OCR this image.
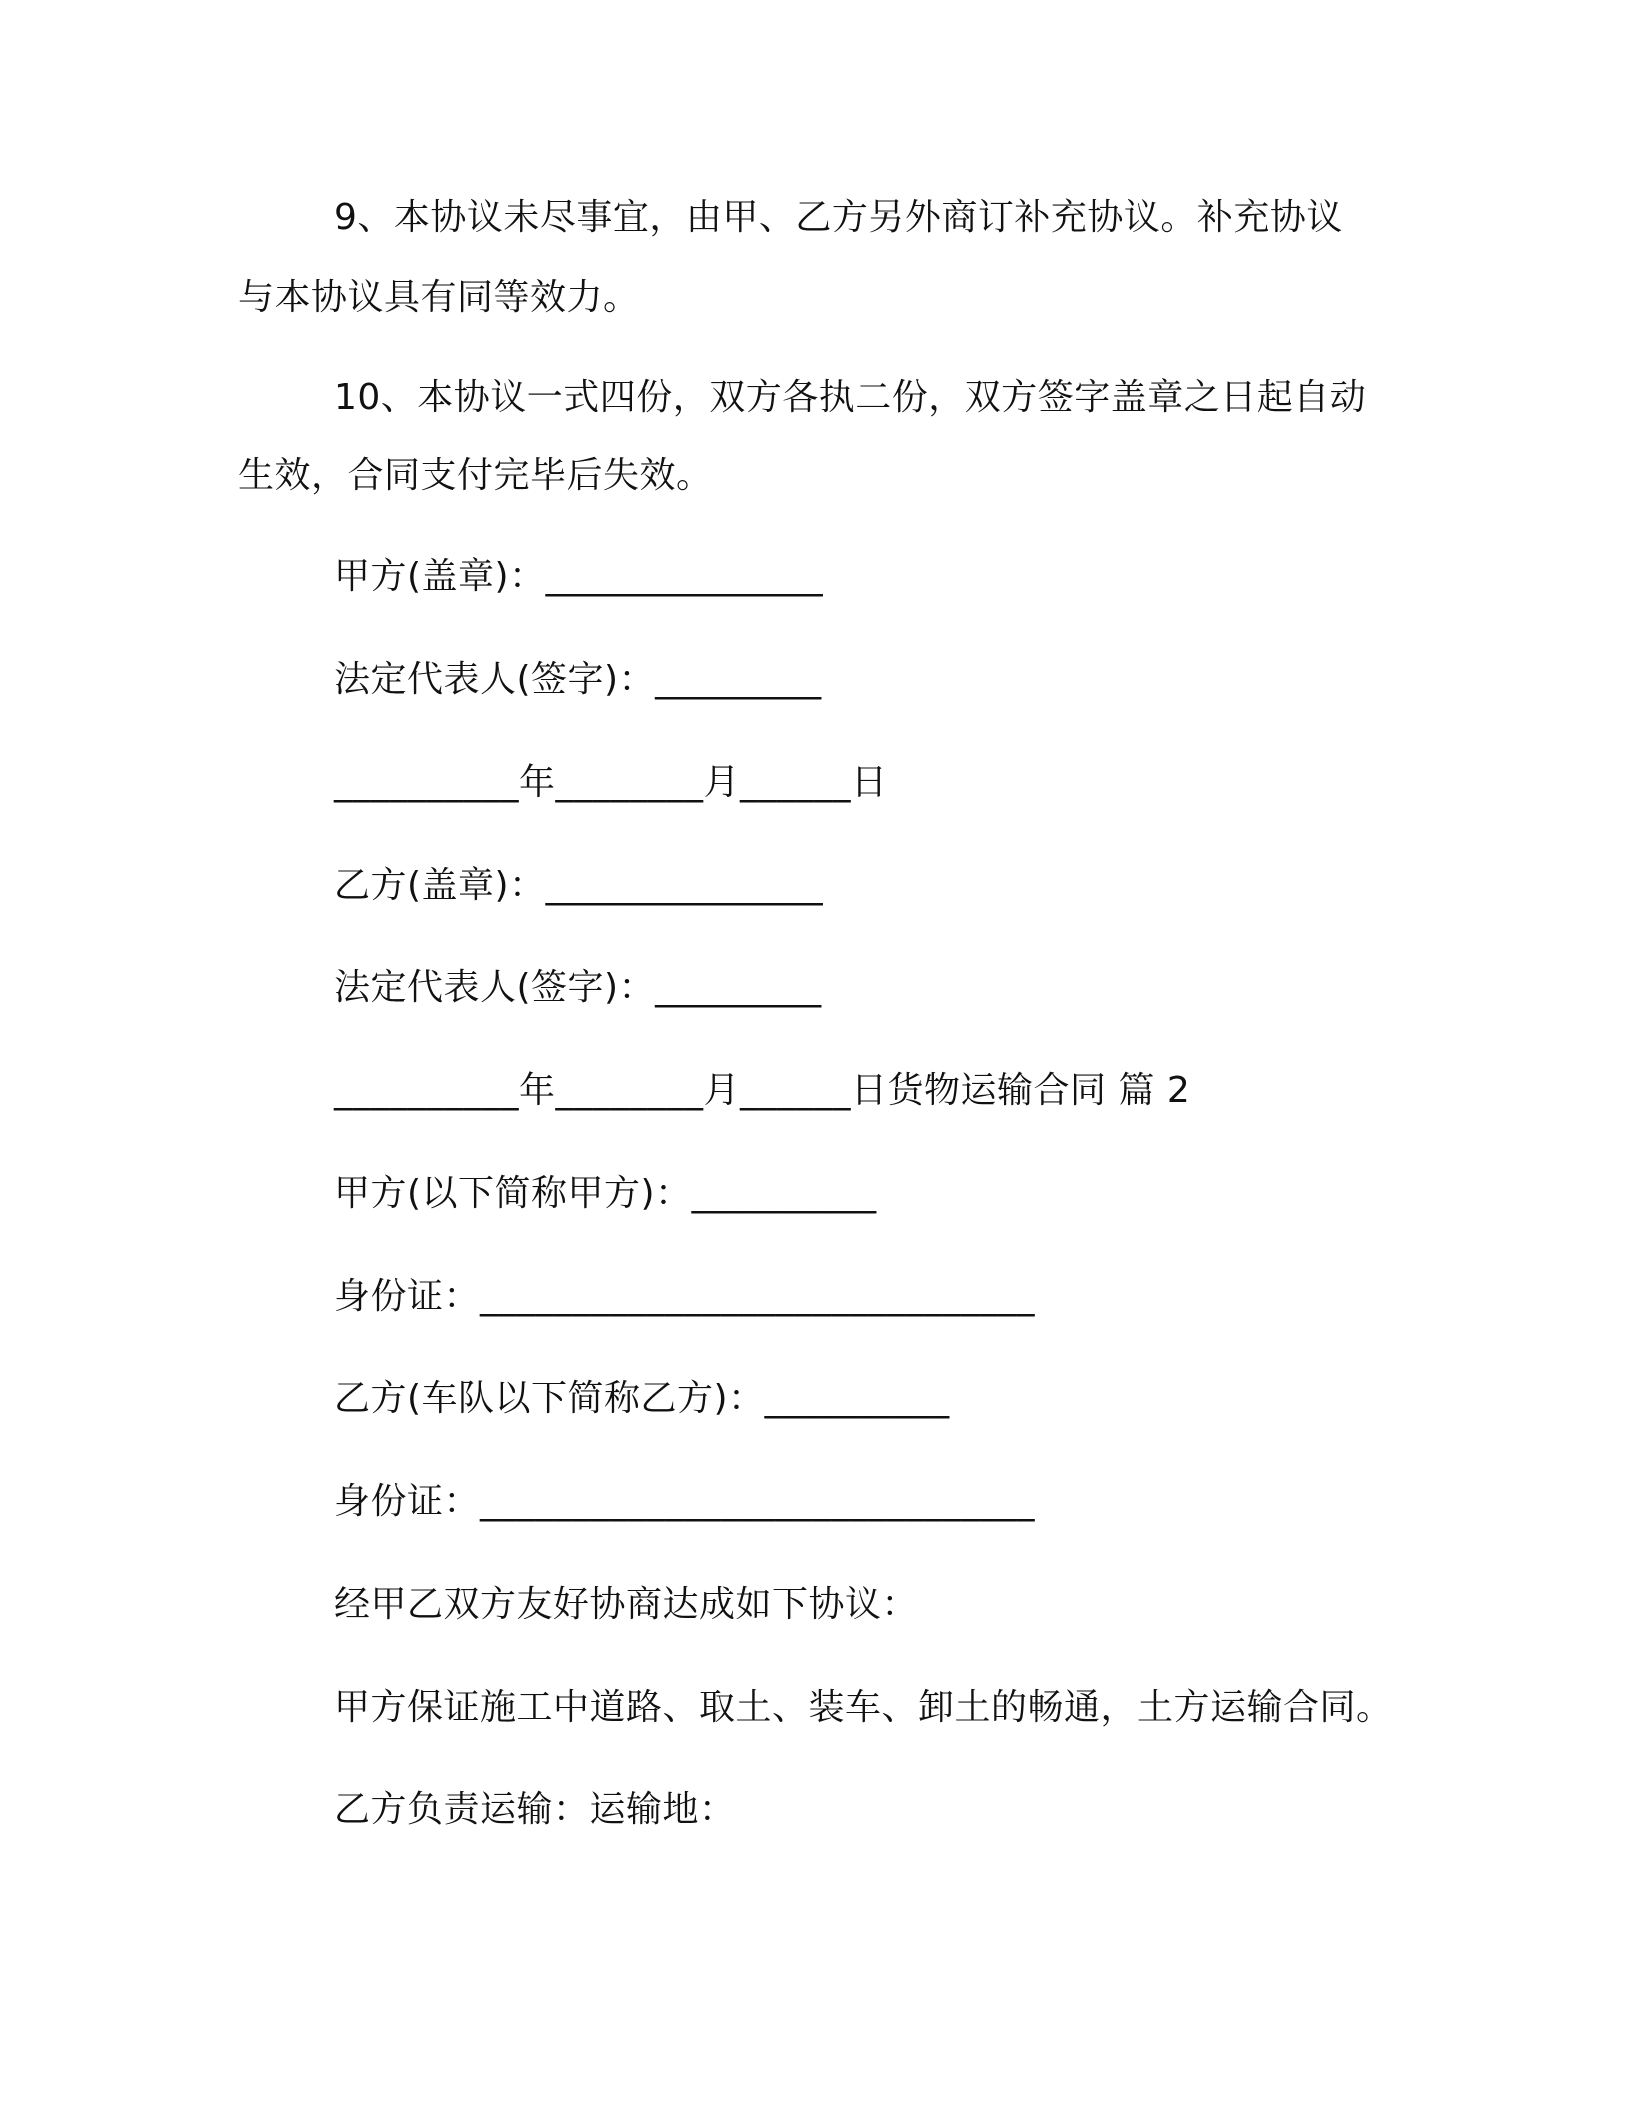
9、本协议未尽事宜，由甲、乙方另外商订补充协议。补充协议
与本协议具有同等效力。
10、本协议一式四份，双方各执二份，双方签字盖章之日起自动
生效，合同支付完毕后失效。
甲方(盖章)：_______________
法定代表人(签字)：_________
__________年________月______日
乙方(盖章)：_______________
法定代表人(签字)：_________
__________年________月______日货物运输合同 篇 2
甲方(以下简称甲方)：__________
身份证：______________________________
乙方(车队以下简称乙方)：__________
身份证：______________________________
经甲乙双方友好协商达成如下协议：
甲方保证施工中道路、取土、装车、卸土的畅通，土方运输合同。
乙方负责运输：运输地：
